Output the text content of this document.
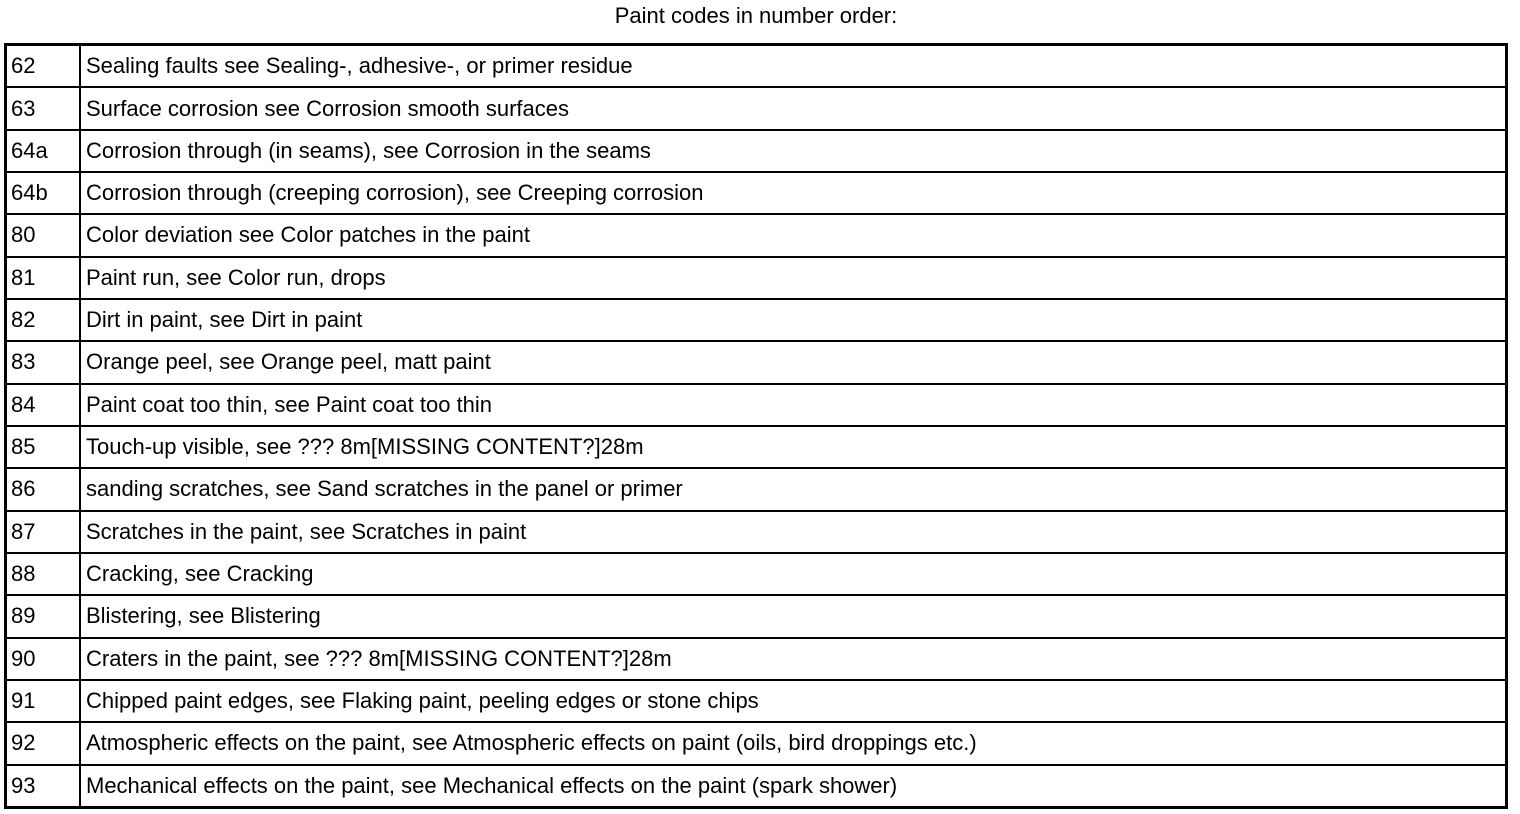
Paint codes in number order:
62	Sealing faults see Sealing-, adhesive-, or primer residue
63	Surface corrosion see Corrosion smooth surfaces
64a	Corrosion through (in seams), see Corrosion in the seams
64b	Corrosion through (creeping corrosion), see Creeping corrosion
80	Color deviation see Color patches in the paint
81	Paint run, see Color run, drops
82	Dirt in paint, see Dirt in paint
83	Orange peel, see Orange peel, matt paint
84	Paint coat too thin, see Paint coat too thin
85	Touch-up visible, see ??? 8m[MISSING CONTENT?]28m
86	sanding scratches, see Sand scratches in the panel or primer
87	Scratches in the paint, see Scratches in paint
88	Cracking, see Cracking
89	Blistering, see Blistering
90	Craters in the paint, see ??? 8m[MISSING CONTENT?]28m
91	Chipped paint edges, see Flaking paint, peeling edges or stone chips
92	Atmospheric effects on the paint, see Atmospheric effects on paint (oils, bird droppings etc.)
93	Mechanical effects on the paint, see Mechanical effects on the paint (spark shower)
